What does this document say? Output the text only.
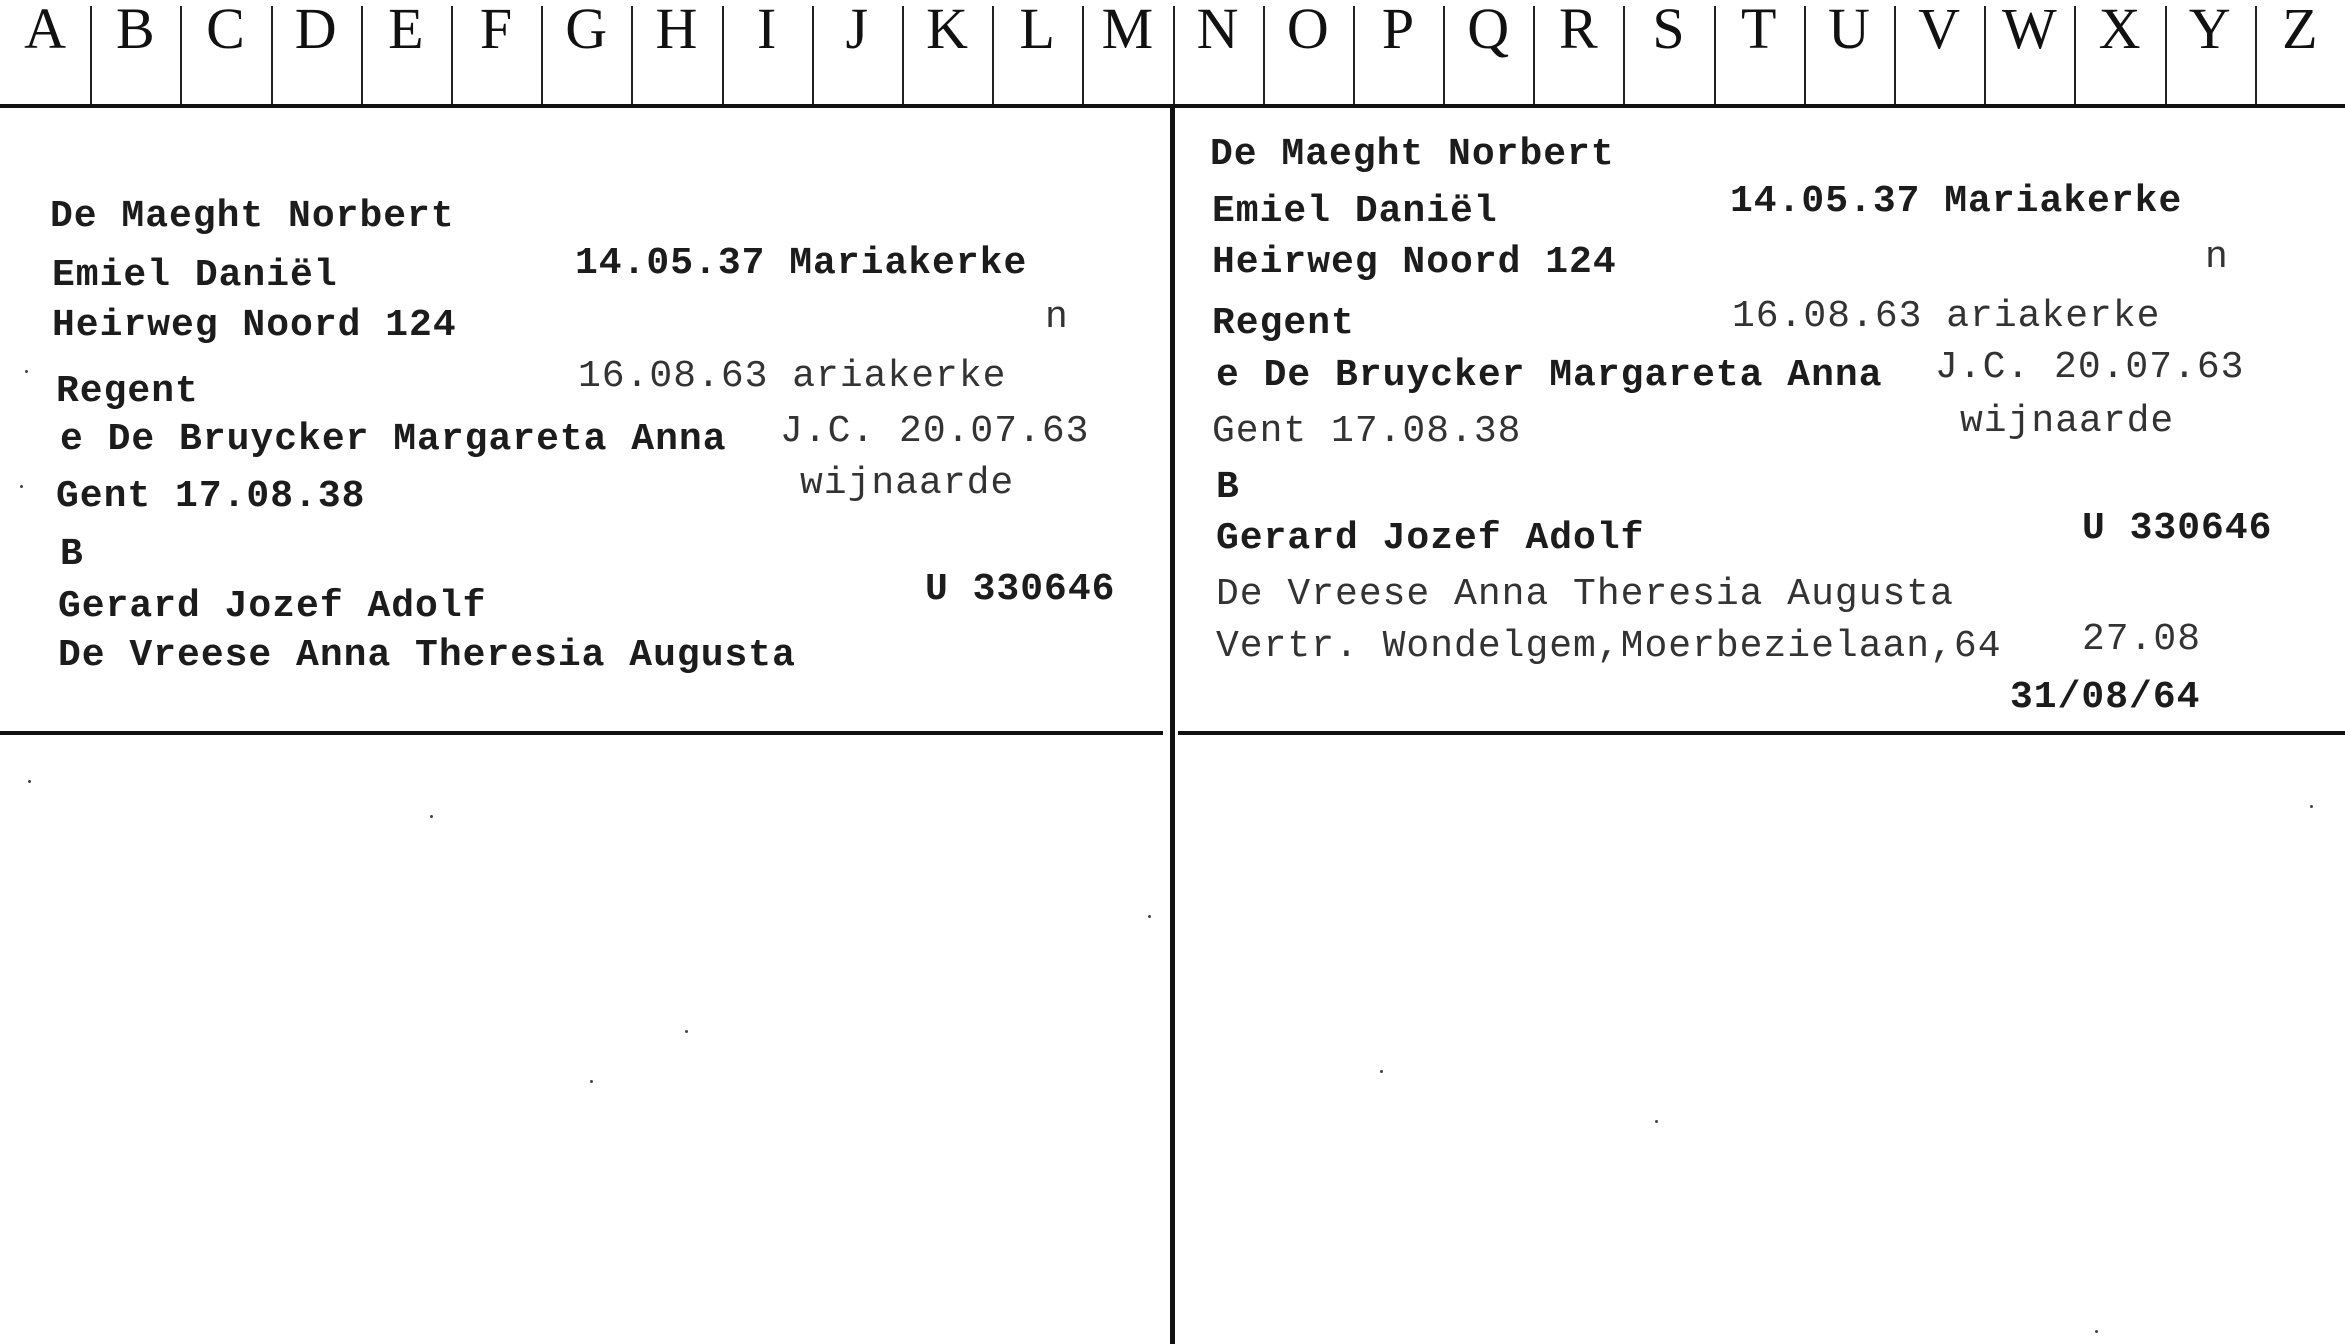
A B C D E F G H	I	J K L M N O P Q R S T U V W X Y Z
De Maeght Norbert
Emiel Daniël	14.05.37 Mariakerke
Heirweg Noord 124	n
Regent	16.08.63 ariakerke
e De Bruycker Margareta Anna J.C. 20.07.63
Gent 17.08.38	wijnaarde
B
Gerard Jozef Adolf	U 330646
De Vreese Anna Theresia Augusta
De Maeght Norbert
Emiel Daniël	14.05.37 Mariakerke
Heirweg Noord 124	n
Regent	16.08.63 ariakerke
e De Bruycker Margareta Anna J.C. 20.07.63
Gent 17.08.38	wijnaarde
B
Gerard Jozef Adolf	U 330646
De Vreese Anna Theresia Augusta
Vertr. Wondelgem,Moerbezielaan,64 27.08
31/08/64
